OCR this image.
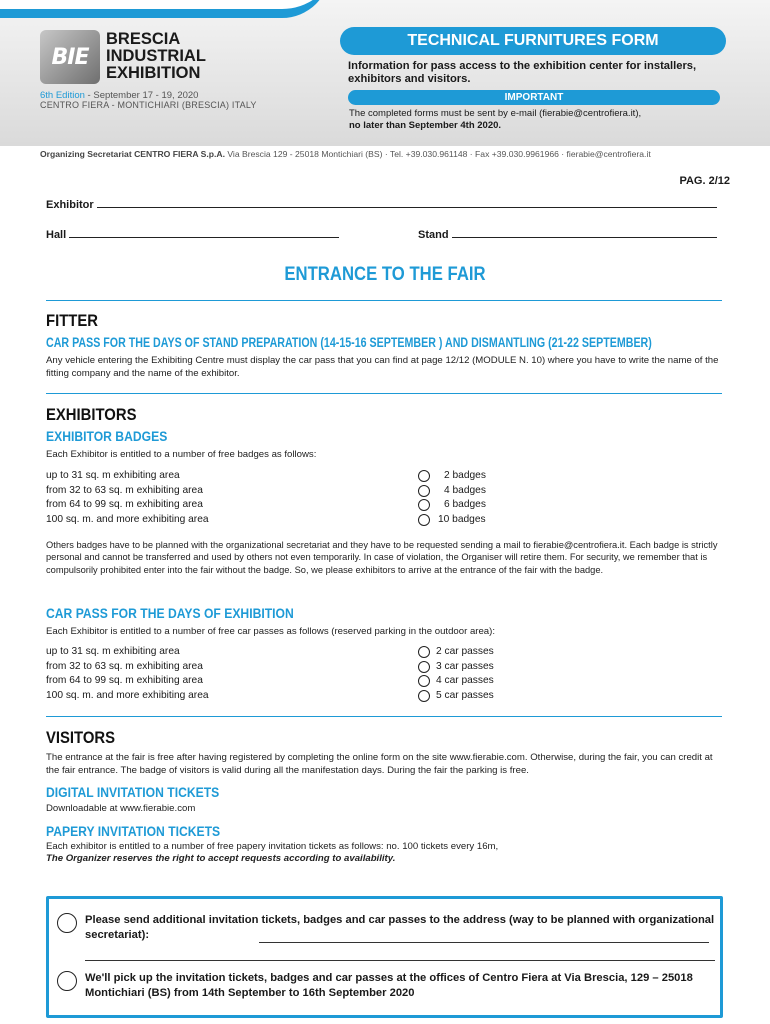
BIE
BRESCIA
INDUSTRIAL
EXHIBITION
6th Edition - September 17 - 19, 2020
CENTRO FIERA - MONTICHIARI (BRESCIA) ITALY
TECHNICAL FURNITURES FORM
Information for pass access to the exhibition center for installers, exhibitors and visitors.
IMPORTANT
The completed forms must be sent by e-mail (fierabie@centrofiera.it),
no later than September 4th 2020.
Organizing Secretariat CENTRO FIERA S.p.A. Via Brescia 129 - 25018 Montichiari (BS) · Tel. +39.030.961148 · Fax +39.030.9961966 · fierabie@centrofiera.it
PAG. 2/12
Exhibitor
Hall	Stand
ENTRANCE TO THE FAIR
FITTER
CAR PASS FOR THE DAYS OF STAND PREPARATION (14-15-16 SEPTEMBER ) AND DISMANTLING (21-22 SEPTEMBER)
Any vehicle entering the Exhibiting Centre must display the car pass that you can find at page 12/12 (MODULE N. 10) where you have to write the name of the fitting company and the name of the exhibitor.
EXHIBITORS
EXHIBITOR BADGES
Each Exhibitor is entitled to a number of free badges as follows:
up to 31 sq. m exhibiting area	2 badges
from 32 to 63 sq. m exhibiting area	4 badges
from 64 to 99 sq. m exhibiting area	6 badges
100 sq. m. and more exhibiting area	10 badges
Others badges have to be planned with the organizational secretariat and they have to be requested sending a mail to fierabie@centrofiera.it. Each badge is strictly personal and cannot be transferred and used by others not even temporarily. In case of violation, the Organiser will retire them. For security, we remember that is compulsorily prohibited enter into the fair without the badge. So, we please exhibitors to arrive at the entrance of the fair with the badge.
CAR PASS FOR THE DAYS OF EXHIBITION
Each Exhibitor is entitled to a number of free car passes as follows (reserved parking in the outdoor area):
up to 31 sq. m exhibiting area	2 car passes
from 32 to 63 sq. m exhibiting area	3 car passes
from 64 to 99 sq. m exhibiting area	4 car passes
100 sq. m. and more exhibiting area	5 car passes
VISITORS
The entrance at the fair is free after having registered by completing the online form on the site www.fierabie.com. Otherwise, during the fair, you can credit at the fair entrance. The badge of visitors is valid during all the manifestation days. During the fair the parking is free.
DIGITAL INVITATION TICKETS
Downloadable at www.fierabie.com
PAPERY INVITATION TICKETS
Each exhibitor is entitled to a number of free papery invitation tickets as follows: no. 100 tickets every 16m,
The Organizer reserves the right to accept requests according to availability.
Please send additional invitation tickets, badges and car passes to the address (way to be planned with organizational secretariat):
We'll pick up the invitation tickets, badges and car passes at the offices of Centro Fiera at Via Brescia, 129 – 25018 Montichiari (BS) from 14th September to 16th September 2020
